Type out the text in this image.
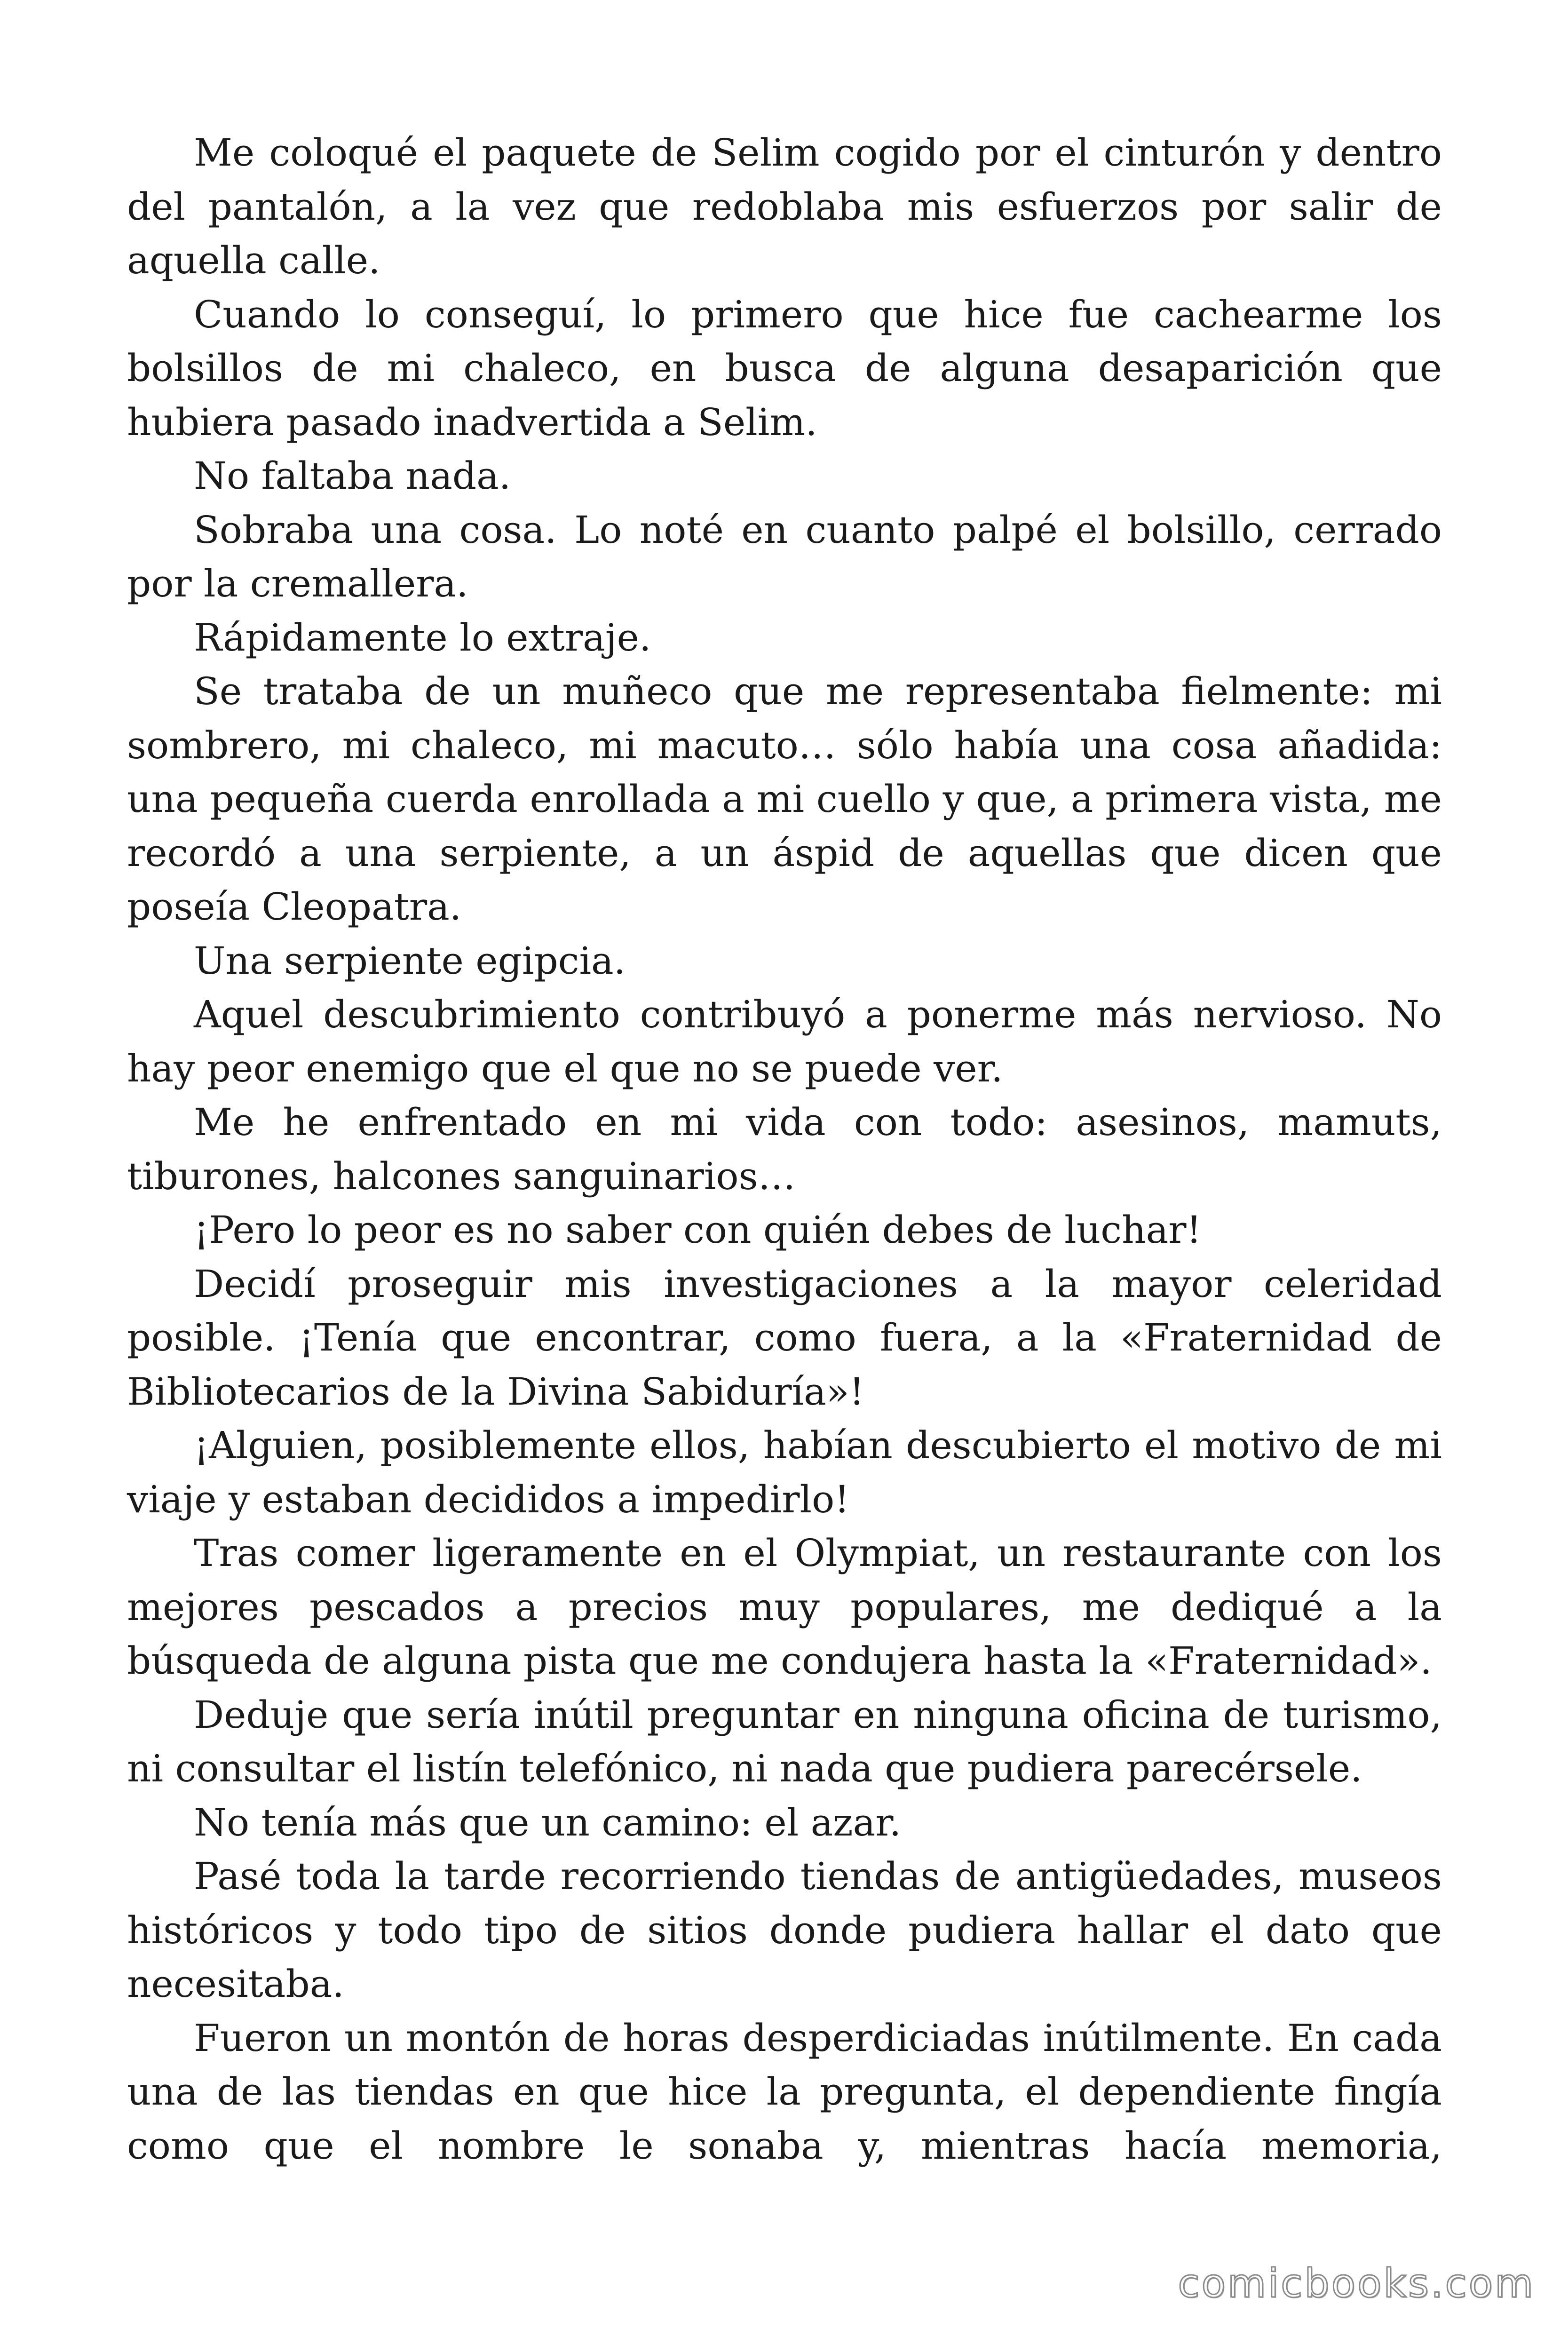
Me coloqué el paquete de Selim cogido por el cinturón y dentro del pantalón, a la vez que redoblaba mis esfuerzos por salir de aquella calle.

Cuando lo conseguí, lo primero que hice fue cachearme los bolsillos de mi chaleco, en busca de alguna desaparición que hubiera pasado inadvertida a Selim.

No faltaba nada.

Sobraba una cosa. Lo noté en cuanto palpé el bolsillo, cerrado por la cremallera.

Rápidamente lo extraje.

Se trataba de un muñeco que me representaba fielmente: mi sombrero, mi chaleco, mi macuto… sólo había una cosa añadida: una pequeña cuerda enrollada a mi cuello y que, a primera vista, me recordó a una serpiente, a un áspid de aquellas que dicen que poseía Cleopatra.

Una serpiente egipcia.

Aquel descubrimiento contribuyó a ponerme más nervioso. No hay peor enemigo que el que no se puede ver.

Me he enfrentado en mi vida con todo: asesinos, mamuts, tiburones, halcones sanguinarios…

¡Pero lo peor es no saber con quién debes de luchar!

Decidí proseguir mis investigaciones a la mayor celeridad posible. ¡Tenía que encontrar, como fuera, a la «Fraternidad de Bibliotecarios de la Divina Sabiduría»!

¡Alguien, posiblemente ellos, habían descubierto el motivo de mi viaje y estaban decididos a impedirlo!

Tras comer ligeramente en el Olympiat, un restaurante con los mejores pescados a precios muy populares, me dediqué a la búsqueda de alguna pista que me condujera hasta la «Fraternidad».

Deduje que sería inútil preguntar en ninguna oficina de turismo, ni consultar el listín telefónico, ni nada que pudiera parecérsele.

No tenía más que un camino: el azar.

Pasé toda la tarde recorriendo tiendas de antigüedades, museos históricos y todo tipo de sitios donde pudiera hallar el dato que necesitaba.

Fueron un montón de horas desperdiciadas inútilmente. En cada una de las tiendas en que hice la pregunta, el dependiente fingía como que el nombre le sonaba y, mientras hacía memoria,

comicbooks.com
